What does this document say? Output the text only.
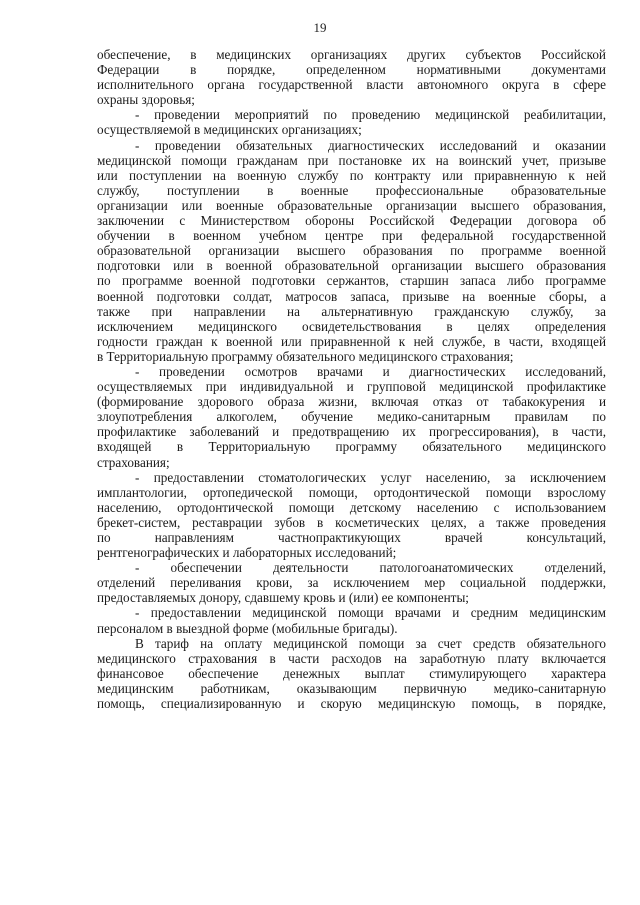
19
обеспечение, в медицинских организациях других субъектов Российской
Федерации в порядке, определенном нормативными документами
исполнительного органа государственной власти автономного округа в сфере
охраны здоровья;
- проведении мероприятий по проведению медицинской реабилитации,
осуществляемой в медицинских организациях;
- проведении обязательных диагностических исследований и оказании
медицинской помощи гражданам при постановке их на воинский учет, призыве
или поступлении на военную службу по контракту или приравненную к ней
службу, поступлении в военные профессиональные образовательные
организации или военные образовательные организации высшего образования,
заключении с Министерством обороны Российской Федерации договора об
обучении в военном учебном центре при федеральной государственной
образовательной организации высшего образования по программе военной
подготовки или в военной образовательной организации высшего образования
по программе военной подготовки сержантов, старшин запаса либо программе
военной подготовки солдат, матросов запаса, призыве на военные сборы, а
также при направлении на альтернативную гражданскую службу, за
исключением медицинского освидетельствования в целях определения
годности граждан к военной или приравненной к ней службе, в части, входящей
в Территориальную программу обязательного медицинского страхования;
- проведении осмотров врачами и диагностических исследований,
осуществляемых при индивидуальной и групповой медицинской профилактике
(формирование здорового образа жизни, включая отказ от табакокурения и
злоупотребления алкоголем, обучение медико-санитарным правилам по
профилактике заболеваний и предотвращению их прогрессирования), в части,
входящей в Территориальную программу обязательного медицинского
страхования;
- предоставлении стоматологических услуг населению, за исключением
имплантологии, ортопедической помощи, ортодонтической помощи взрослому
населению, ортодонтической помощи детскому населению с использованием
брекет-систем, реставрации зубов в косметических целях, а также проведения
по направлениям частнопрактикующих врачей консультаций,
рентгенографических и лабораторных исследований;
- обеспечении деятельности патологоанатомических отделений,
отделений переливания крови, за исключением мер социальной поддержки,
предоставляемых донору, сдавшему кровь и (или) ее компоненты;
- предоставлении медицинской помощи врачами и средним медицинским
персоналом в выездной форме (мобильные бригады).
В тариф на оплату медицинской помощи за счет средств обязательного
медицинского страхования в части расходов на заработную плату включается
финансовое обеспечение денежных выплат стимулирующего характера
медицинским работникам, оказывающим первичную медико-санитарную
помощь, специализированную и скорую медицинскую помощь, в порядке,
